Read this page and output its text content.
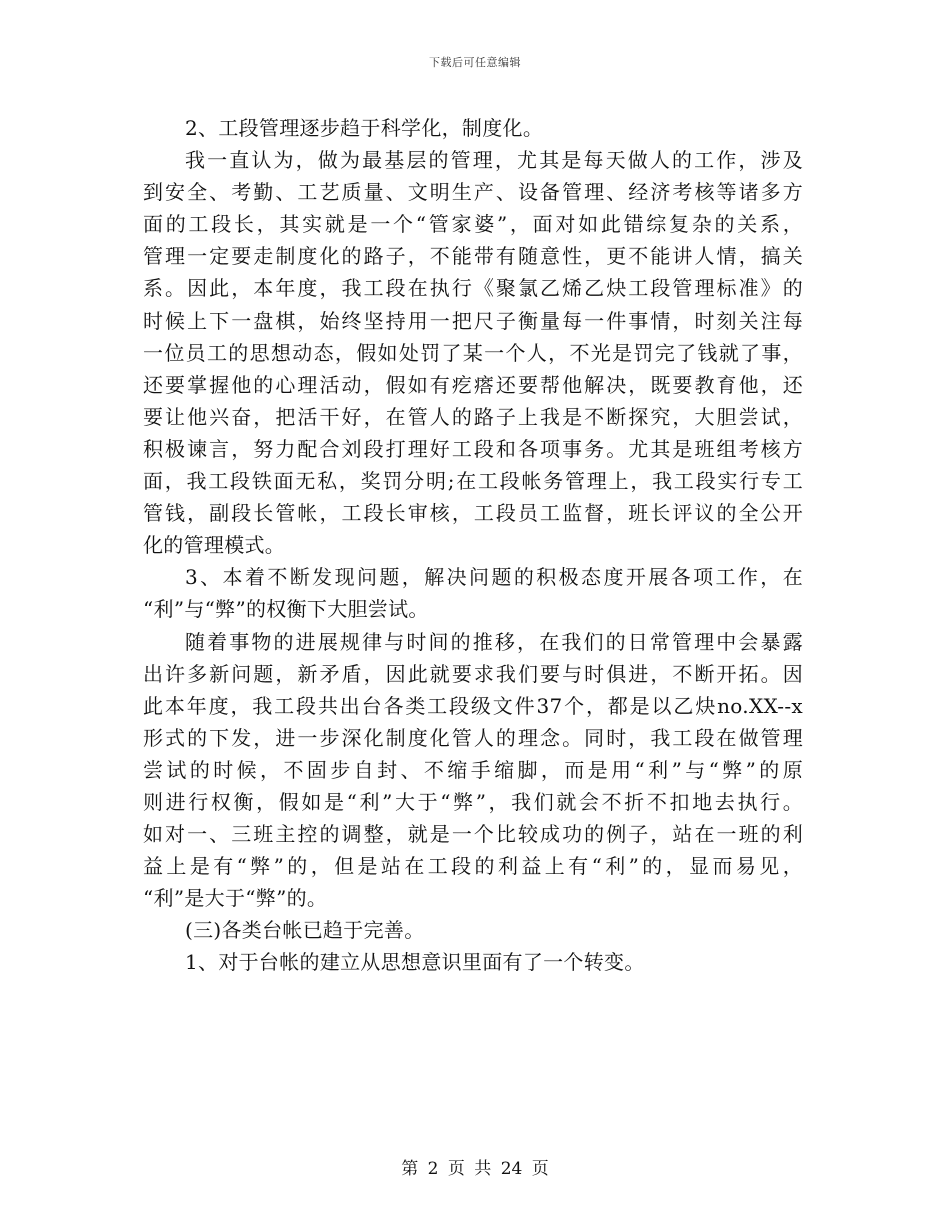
下载后可任意编辑
2、工段管理逐步趋于科学化，制度化。
我一直认为，做为最基层的管理，尤其是每天做人的工作，涉及
到安全、考勤、工艺质量、文明生产、设备管理、经济考核等诸多方
面的工段长，其实就是一个“管家婆”，面对如此错综复杂的关系，
管理一定要走制度化的路子，不能带有随意性，更不能讲人情，搞关
系。因此，本年度，我工段在执行《聚氯乙烯乙炔工段管理标准》的
时候上下一盘棋，始终坚持用一把尺子衡量每一件事情，时刻关注每
一位员工的思想动态，假如处罚了某一个人，不光是罚完了钱就了事，
还要掌握他的心理活动，假如有疙瘩还要帮他解决，既要教育他，还
要让他兴奋，把活干好，在管人的路子上我是不断探究，大胆尝试，
积极谏言，努力配合刘段打理好工段和各项事务。尤其是班组考核方
面，我工段铁面无私，奖罚分明;在工段帐务管理上，我工段实行专工
管钱，副段长管帐，工段长审核，工段员工监督，班长评议的全公开
化的管理模式。
3、本着不断发现问题，解决问题的积极态度开展各项工作，在
“利”与“弊”的权衡下大胆尝试。
随着事物的进展规律与时间的推移，在我们的日常管理中会暴露
出许多新问题，新矛盾，因此就要求我们要与时俱进，不断开拓。因
此本年度，我工段共出台各类工段级文件37个，都是以乙炔no.XX--x
形式的下发，进一步深化制度化管人的理念。同时，我工段在做管理
尝试的时候，不固步自封、不缩手缩脚，而是用“利”与“弊”的原
则进行权衡，假如是“利”大于“弊”，我们就会不折不扣地去执行。
如对一、三班主控的调整，就是一个比较成功的例子，站在一班的利
益上是有“弊”的，但是站在工段的利益上有“利”的，显而易见，
“利”是大于“弊”的。
(三)各类台帐已趋于完善。
1、对于台帐的建立从思想意识里面有了一个转变。
第 2 页 共 24 页
